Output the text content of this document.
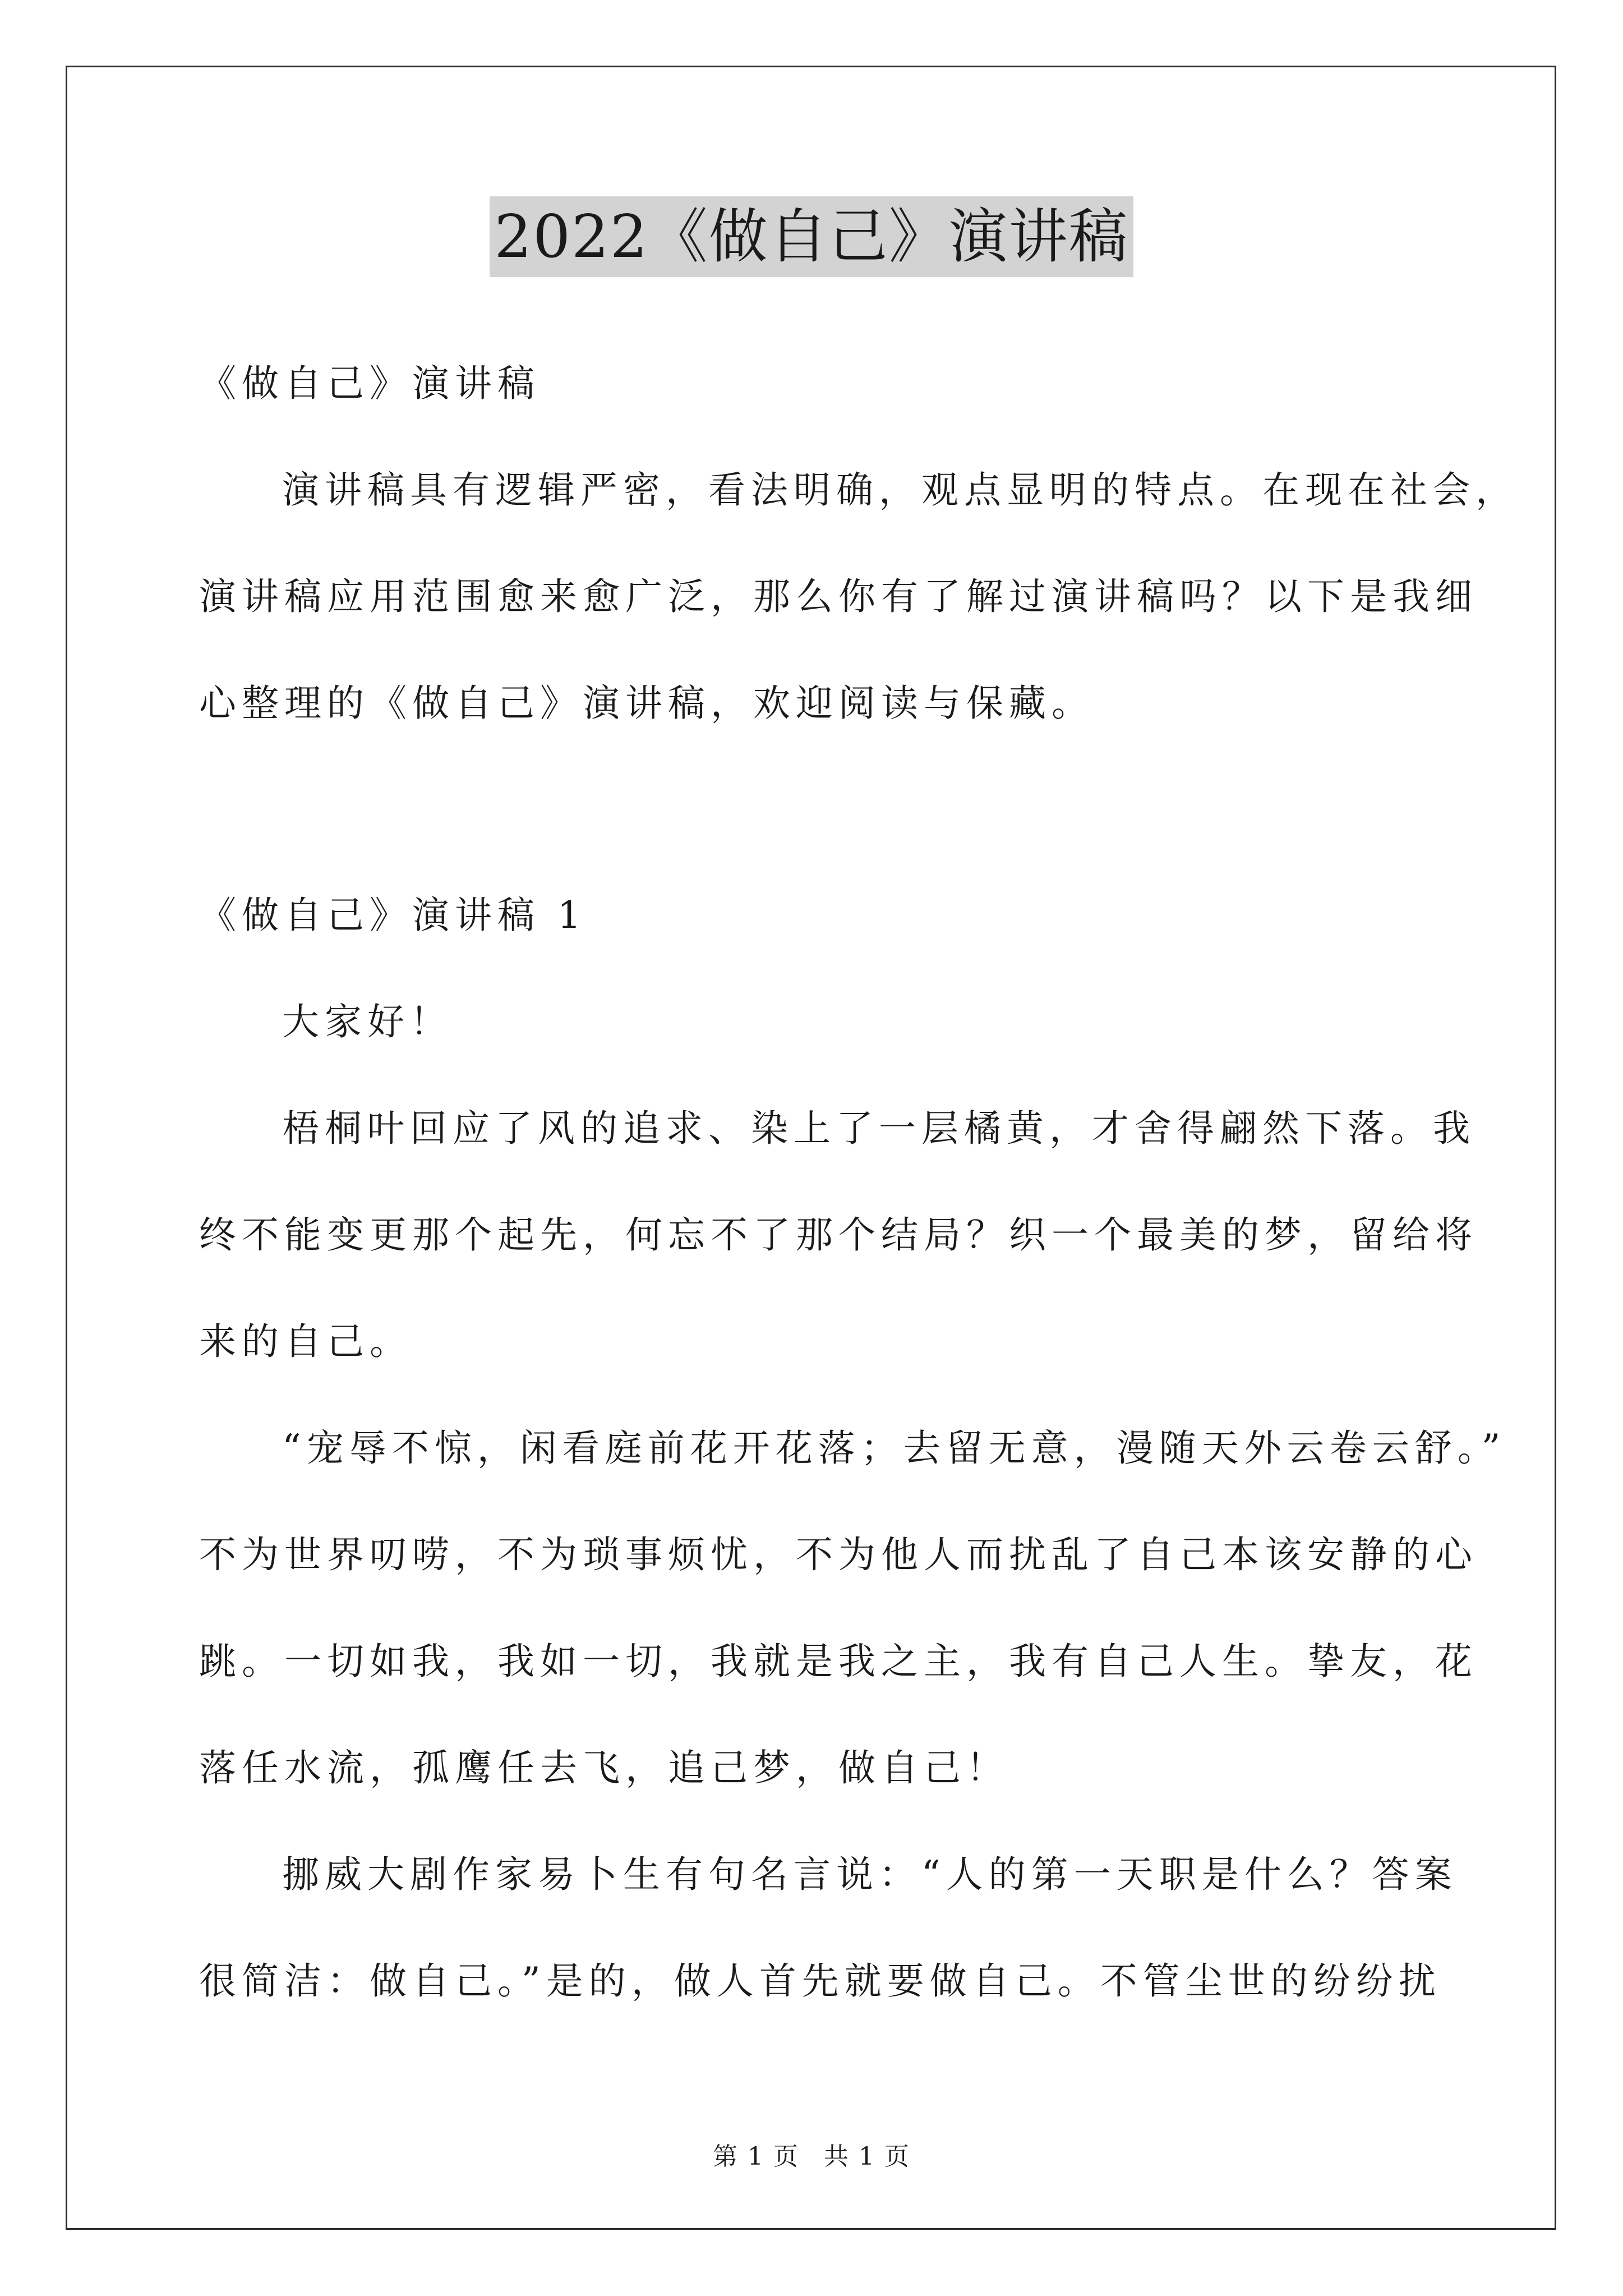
2022《做自己》演讲稿
《做自己》演讲稿
演讲稿具有逻辑严密，看法明确，观点显明的特点。在现在社会，
演讲稿应用范围愈来愈广泛，那么你有了解过演讲稿吗？以下是我细
心整理的《做自己》演讲稿，欢迎阅读与保藏。
《做自己》演讲稿 1
大家好！
梧桐叶回应了风的追求、染上了一层橘黄，才舍得翩然下落。我
终不能变更那个起先，何忘不了那个结局？织一个最美的梦，留给将
来的自己。
“宠辱不惊，闲看庭前花开花落；去留无意，漫随天外云卷云舒。”
不为世界叨唠，不为琐事烦忧，不为他人而扰乱了自己本该安静的心
跳。一切如我，我如一切，我就是我之主，我有自己人生。挚友，花
落任水流，孤鹰任去飞，追己梦，做自己！
挪威大剧作家易卜生有句名言说：“人的第一天职是什么？答案
很简洁：做自己。”是的，做人首先就要做自己。不管尘世的纷纷扰
第 1 页 共 1 页
